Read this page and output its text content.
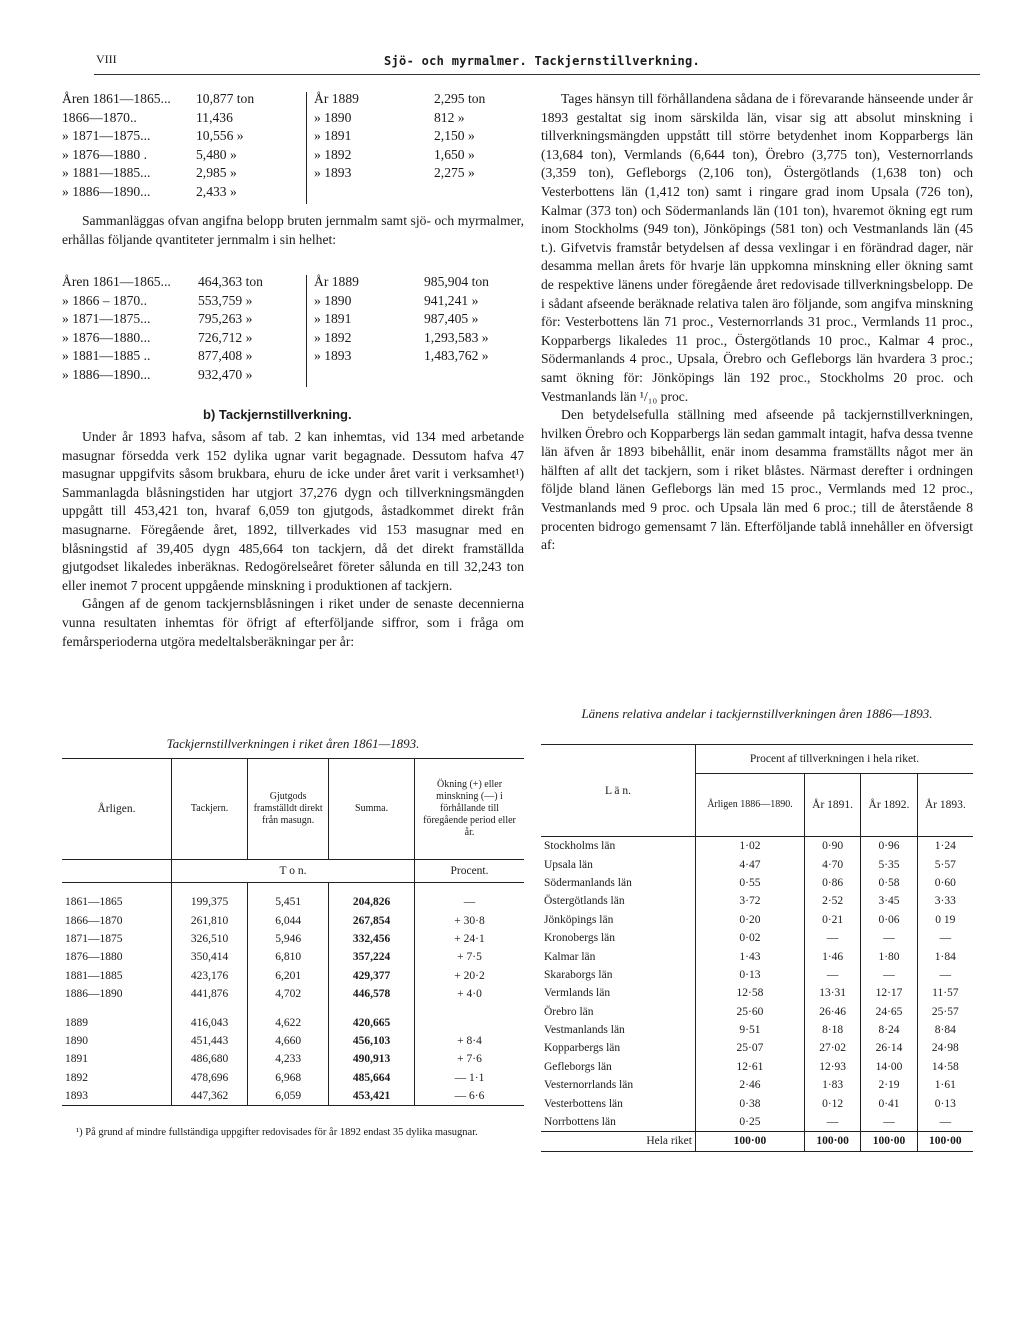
VIII	Sjö- och myrmalmer. Tackjernstillverkning.
Åren 1861—1865... 10,877 ton
1866—1870..	11,436
» 1871—1875...	10,556 »
» 1876—1880 .	5,480 »
» 1881—1885...	2,985 »
» 1886—1890...	2,433 »
År 1889	2,295 ton
» 1890	812 »
» 1891	2,150 »
» 1892	1,650 »
» 1893	2,275 »

Sammanläggas ofvan angifna belopp bruten jernmalm samt sjö- och myrmalmer, erhållas följande qvantiteter jernmalm i sin helhet:

Åren 1861—1865... 464,363 ton
» 1866 – 1870..	553,759 »
» 1871—1875...	795,263 »
» 1876—1880...	726,712 »
» 1881—1885 ..	877,408 »
» 1886—1890...	932,470 »
År 1889	985,904 ton
» 1890	941,241 »
» 1891	987,405 »
» 1892	1,293,583 »
» 1893	1,483,762 »
b) Tackjernstillverkning.

Under år 1893 hafva, såsom af tab. 2 kan inhemtas, vid 134 med arbetande masugnar försedda verk 152 dylika ugnar varit begagnade. Dessutom hafva 47 masugnar uppgifvits såsom brukbara, ehuru de icke under året varit i verksamhet¹) Sammanlagda blåsningstiden har utgjort 37,276 dygn och tillverkningsmängden uppgått till 453,421 ton, hvaraf 6,059 ton gjutgods, åstadkommet direkt från masugnarne. Föregående året, 1892, tillverkades vid 153 masugnar med en blåsningstid af 39,405 dygn 485,664 ton tackjern, då det direkt framställda gjutgodset likaledes inberäknas. Redogörelseåret företer sålunda en till 32,243 ton eller inemot 7 procent uppgående minskning i produktionen af tackjern.

Gången af de genom tackjernsblåsningen i riket under de senaste decennierna vunna resultaten inhemtas för öfrigt af efterföljande siffror, som i fråga om femårsperioderna utgöra medeltalsberäkningar per år:

Tackjernstillverkningen i riket åren 1861—1893.
Årligen.	Tackjern.	Gjutgods framställdt direkt från masugn.	Summa.	Ökning (+) eller minskning (—) i förhållande till föregående period eller år.
	T o n.			Procent.
1861—1865	199,375	5,451	204,826	—
1866—1870	261,810	6,044	267,854	+ 30·8
1871—1875	326,510	5,946	332,456	+ 24·1
1876—1880	350,414	6,810	357,224	+ 7·5
1881—1885	423,176	6,201	429,377	+ 20·2
1886—1890	441,876	4,702	446,578	+ 4·0
1889	416,043	4,622	420,665	
1890	451,443	4,660	456,103	+ 8·4
1891	486,680	4,233	490,913	+ 7·6
1892	478,696	6,968	485,664	— 1·1
1893	447,362	6,059	453,421	— 6·6
¹) På grund af mindre fullständiga uppgifter redovisades för år 1892 endast 35 dylika masugnar.

Tages hänsyn till förhållandena sådana de i förevarande hänseende under år 1893 gestaltat sig inom särskilda län, visar sig att absolut minskning i tillverkningsmängden uppstått till större betydenhet inom Kopparbergs län (13,684 ton), Vermlands (6,644 ton), Örebro (3,775 ton), Vesternorrlands (3,359 ton), Gefleborgs (2,106 ton), Östergötlands (1,638 ton) och Vesterbottens län (1,412 ton) samt i ringare grad inom Upsala (726 ton), Kalmar (373 ton) och Södermanlands län (101 ton), hvaremot ökning egt rum inom Stockholms (949 ton), Jönköpings (581 ton) och Vestmanlands län (45 t.). Gifvetvis framstår betydelsen af dessa vexlingar i en förändrad dager, när desamma mellan årets för hvarje län uppkomna minskning eller ökning samt de respektive länens under föregående året redovisade tillverkningsbelopp. De i sådant afseende beräknade relativa talen äro följande, som angifva minskning för: Vesterbottens län 71 proc., Vesternorrlands 31 proc., Vermlands 11 proc., Kopparbergs likaledes 11 proc., Östergötlands 10 proc., Kalmar 4 proc., Södermanlands 4 proc., Upsala, Örebro och Gefleborgs län hvardera 3 proc.; samt ökning för: Jönköpings län 192 proc., Stockholms 20 proc. och Vestmanlands län ¹/₁₀ proc.

Den betydelsefulla ställning med afseende på tackjernstillverkningen, hvilken Örebro och Kopparbergs län sedan gammalt intagit, hafva dessa tvenne län äfven år 1893 bibehållit, enär inom desamma framställts något mer än hälften af allt det tackjern, som i riket blåstes. Närmast derefter i ordningen följde bland länen Gefleborgs län med 15 proc., Vermlands med 12 proc., Vestmanlands med 9 proc. och Upsala län med 6 proc.; till de återstående 8 procenten bidrogo gemensamt 7 län. Efterföljande tablå innehåller en öfversigt af:

Länens relativa andelar i tackjernstillverkningen åren 1886—1893.
L ä n.	Procent af tillverkningen i hela riket.			
	Årligen 1886—1890.	År 1891.	År 1892.	År 1893.
Stockholms län	1·02	0·90	0·96	1·24
Upsala län	4·47	4·70	5·35	5·57
Södermanlands län	0·55	0·86	0·58	0·60
Östergötlands län	3·72	2·52	3·45	3·33
Jönköpings län	0·20	0·21	0·06	0 19
Kronobergs län	0·02	—	—	—
Kalmar län	1·43	1·46	1·80	1·84
Skaraborgs län	0·13	—	—	—
Vermlands län	12·58	13·31	12·17	11·57
Örebro län	25·60	26·46	24·65	25·57
Vestmanlands län	9·51	8·18	8·24	8·84
Kopparbergs län	25·07	27·02	26·14	24·98
Gefleborgs län	12·61	12·93	14·00	14·58
Vesternorrlands län	2·46	1·83	2·19	1·61
Vesterbottens län	0·38	0·12	0·41	0·13
Norrbottens län	0·25	—	—	—
Hela riket	100·00	100·00	100·00	100·00
